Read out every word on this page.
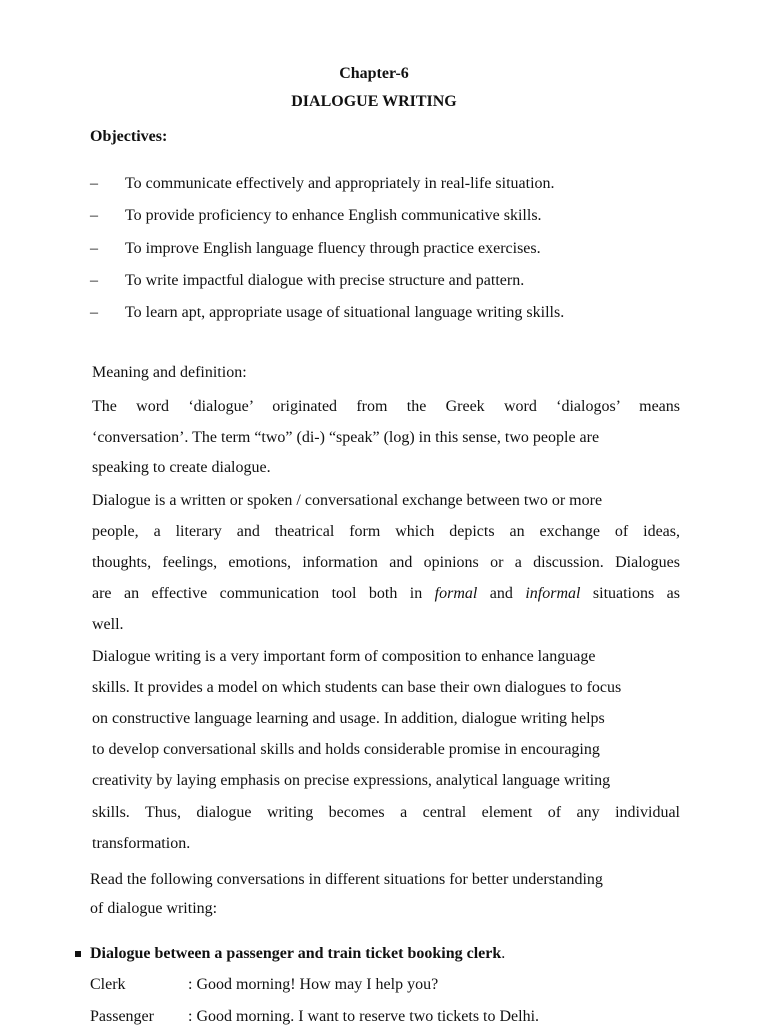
Chapter-6
DIALOGUE WRITING
Objectives:
– To communicate effectively and appropriately in real-life situation.
– To provide proficiency to enhance English communicative skills.
– To improve English language fluency through practice exercises.
– To write impactful dialogue with precise structure and pattern.
– To learn apt, appropriate usage of situational language writing skills.
Meaning and definition:
The word ‘dialogue’ originated from the Greek word ‘dialogos’ means
‘conversation’. The term “two” (di-) “speak” (log) in this sense, two people are
speaking to create dialogue.
Dialogue is a written or spoken / conversational exchange between two or more
people, a literary and theatrical form which depicts an exchange of ideas,
thoughts, feelings, emotions, information and opinions or a discussion. Dialogues
are an effective communication tool both in formal and informal situations as
well.
Dialogue writing is a very important form of composition to enhance language
skills. It provides a model on which students can base their own dialogues to focus
on constructive language learning and usage. In addition, dialogue writing helps
to develop conversational skills and holds considerable promise in encouraging
creativity by laying emphasis on precise expressions, analytical language writing
skills. Thus, dialogue writing becomes a central element of any individual
transformation.
Read the following conversations in different situations for better understanding
of dialogue writing:
Dialogue between a passenger and train ticket booking clerk.
Clerk	: Good morning! How may I help you?
Passenger : Good morning. I want to reserve two tickets to Delhi.
